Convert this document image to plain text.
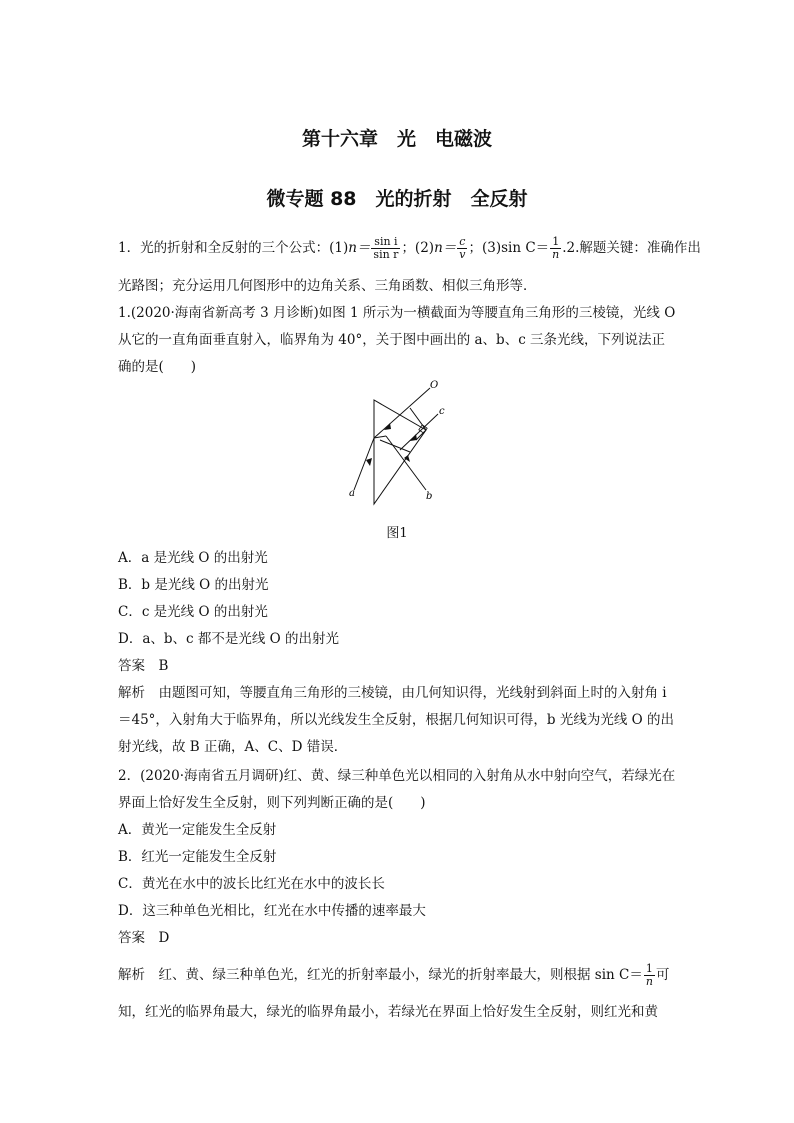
第十六章　光　电磁波
微专题 88　光的折射　全反射
1．光的折射和全反射的三个公式：$(1)n= \frac{\text{sin i}}{\text{sin r}}$ ；$(2)n= \frac{c}{v}$ ；(3)sin $C= \frac{1}{n} .2$.解题关键：准确作出
光路图；充分运用几何图形中的边角关系、三角函数、相似三角形等．
1.(2020·海南省新高考 3 月诊断)如图 1 所示为一横截面为等腰直角三角形的三棱镜，光线 O
从它的一直角面垂直射入，临界角为 40°，关于图中画出的 a、b、c 三条光线，下列说法正
确的是(　　)
O
c
a	b
图1
A．a 是光线 O 的出射光
B．b 是光线 O 的出射光
C．c 是光线 O 的出射光
D．a、b、c 都不是光线 O 的出射光
答案　B
解析　由题图可知，等腰直角三角形的三棱镜，由几何知识得，光线射到斜面上时的入射角 i
＝45°，入射角大于临界角，所以光线发生全反射，根据几何知识可得，b 光线为光线 O 的出
射光线，故 B 正确，A、C、D 错误．
2．(2020·海南省五月调研)红、黄、绿三种单色光以相同的入射角从水中射向空气，若绿光在
界面上恰好发生全反射，则下列判断正确的是(　　)
A．黄光一定能发生全反射
B．红光一定能发生全反射
C．黄光在水中的波长比红光在水中的波长长
D．这三种单色光相比，红光在水中传播的速率最大
答案　D
解析　红、黄、绿三种单色光，红光的折射率最小，绿光的折射率最大，则根据 $\sin C= \frac{1}{n}$ 可
知，红光的临界角最大，绿光的临界角最小，若绿光在界面上恰好发生全反射，则红光和黄
